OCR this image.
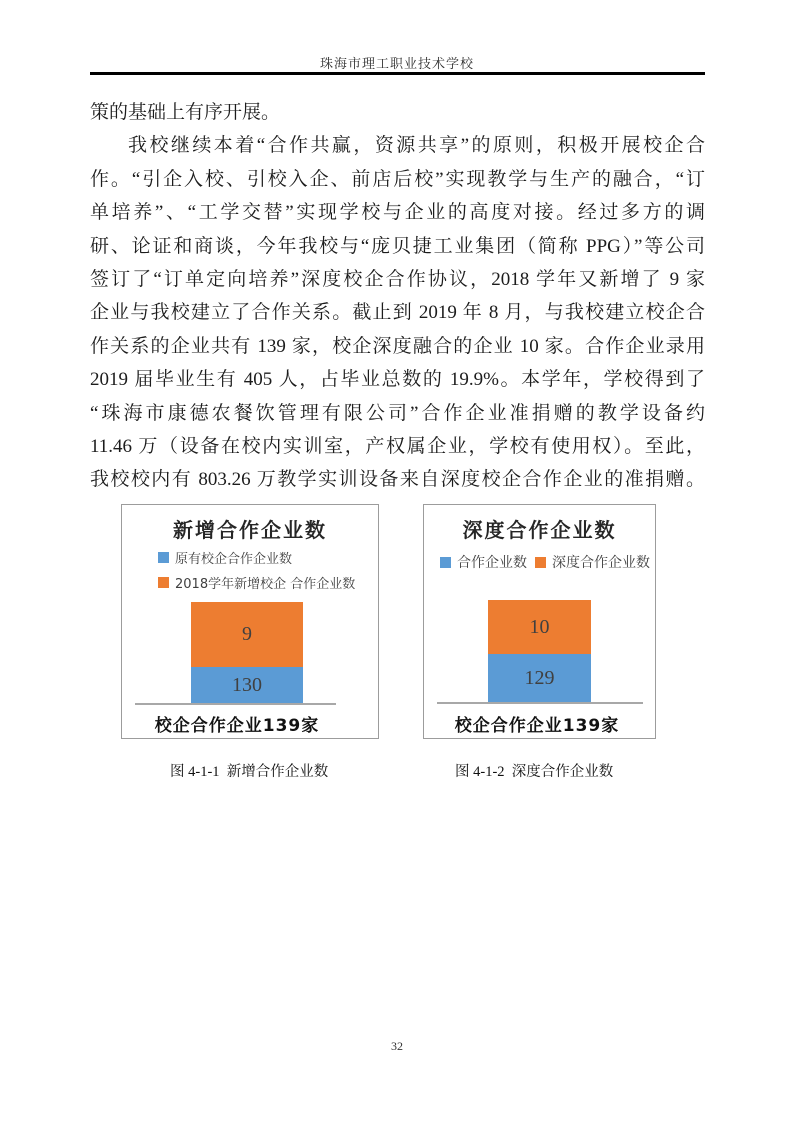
珠海市理工职业技术学校
策的基础上有序开展。
我校继续本着“合作共赢，资源共享”的原则，积极开展校企合
作。“引企入校、引校入企、前店后校”实现教学与生产的融合，“订
单培养”、“工学交替”实现学校与企业的高度对接。经过多方的调
研、论证和商谈，今年我校与“庞贝捷工业集团（简称 PPG）”等公司
签订了“订单定向培养”深度校企合作协议，2018 学年又新增了 9 家
企业与我校建立了合作关系。截止到 2019 年 8 月，与我校建立校企合
作关系的企业共有 139 家，校企深度融合的企业 10 家。合作企业录用
2019 届毕业生有 405 人，占毕业总数的 19.9%。本学年，学校得到了
“珠海市康德农餐饮管理有限公司”合作企业准捐赠的教学设备约
11.46 万（设备在校内实训室，产权属企业，学校有使用权）。至此，
我校校内有 803.26 万教学实训设备来自深度校企合作企业的准捐赠。
新增合作企业数
原有校企合作企业数
2018学年新增校企 合作企业数
9
130
校企合作企业139家
深度合作企业数
合作企业数 深度合作企业数
10
129
校企合作企业139家
图 4-1-1  新增合作企业数	图 4-1-2  深度合作企业数
32
